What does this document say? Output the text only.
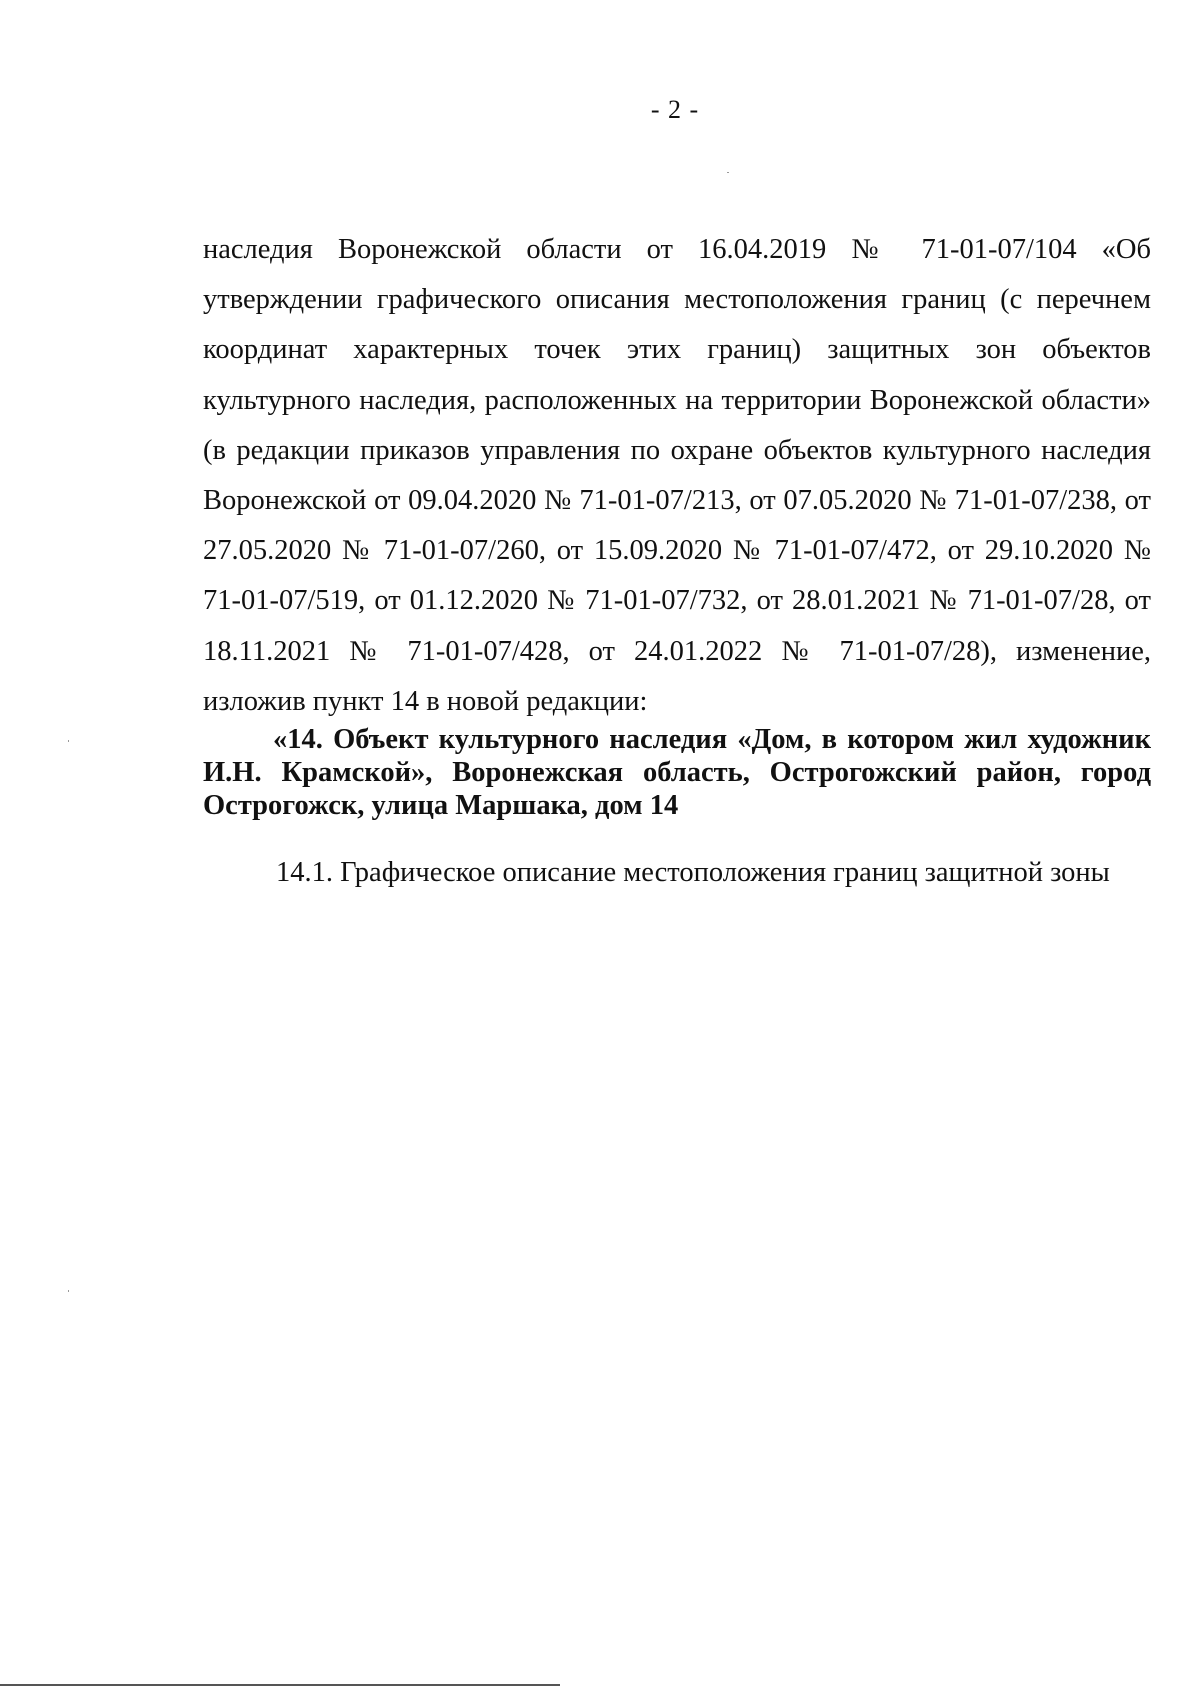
- 2 -

наследия Воронежской области от 16.04.2019 № 71-01-07/104 «Об утверждении графического описания местоположения границ (с перечнем координат характерных точек этих границ) защитных зон объектов культурного наследия, расположенных на территории Воронежской области» (в редакции приказов управления по охране объектов культурного наследия Воронежской от 09.04.2020 № 71-01-07/213, от 07.05.2020 № 71-01-07/238, от 27.05.2020 № 71-01-07/260, от 15.09.2020 № 71-01-07/472, от 29.10.2020 № 71-01-07/519, от 01.12.2020 № 71-01-07/732, от 28.01.2021 № 71-01-07/28, от 18.11.2021 № 71-01-07/428, от 24.01.2022 № 71-01-07/28), изменение, изложив пункт 14 в новой редакции:

«14. Объект культурного наследия «Дом, в котором жил художник И.Н. Крамской», Воронежская область, Острогожский район, город Острогожск, улица Маршака, дом 14

14.1. Графическое описание местоположения границ защитной зоны
